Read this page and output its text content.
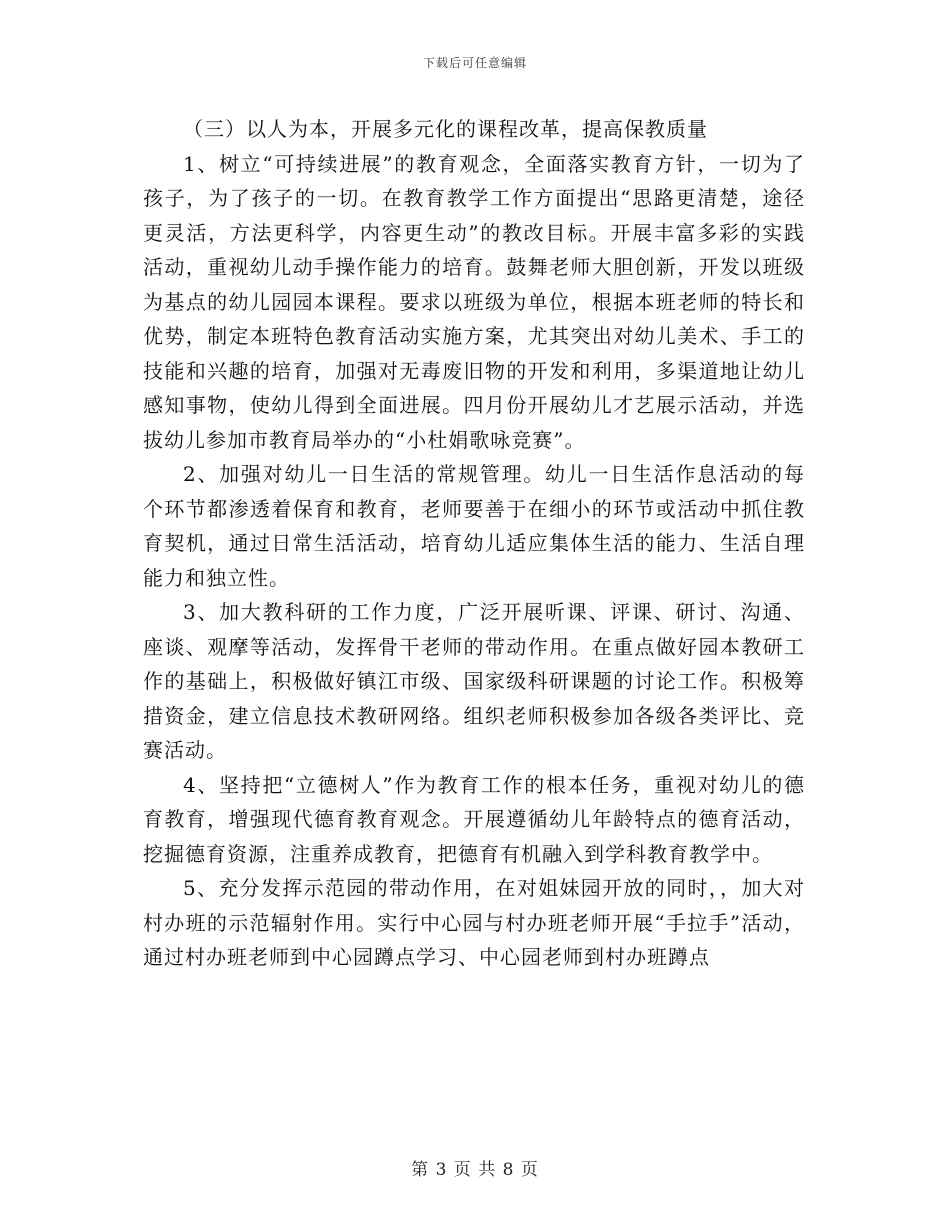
下载后可任意编辑

（三）以人为本，开展多元化的课程改革，提高保教质量

1、树立“可持续进展”的教育观念，全面落实教育方针，一切为了孩子，为了孩子的一切。在教育教学工作方面提出“思路更清楚，途径更灵活，方法更科学，内容更生动”的教改目标。开展丰富多彩的实践活动，重视幼儿动手操作能力的培育。鼓舞老师大胆创新，开发以班级为基点的幼儿园园本课程。要求以班级为单位，根据本班老师的特长和优势，制定本班特色教育活动实施方案，尤其突出对幼儿美术、手工的技能和兴趣的培育，加强对无毒废旧物的开发和利用，多渠道地让幼儿感知事物，使幼儿得到全面进展。四月份开展幼儿才艺展示活动，并选拔幼儿参加市教育局举办的“小杜娟歌咏竞赛”。

2、加强对幼儿一日生活的常规管理。幼儿一日生活作息活动的每个环节都渗透着保育和教育，老师要善于在细小的环节或活动中抓住教育契机，通过日常生活活动，培育幼儿适应集体生活的能力、生活自理能力和独立性。

3、加大教科研的工作力度，广泛开展听课、评课、研讨、沟通、座谈、观摩等活动，发挥骨干老师的带动作用。在重点做好园本教研工作的基础上，积极做好镇江市级、国家级科研课题的讨论工作。积极筹措资金，建立信息技术教研网络。组织老师积极参加各级各类评比、竞赛活动。

4、坚持把“立德树人”作为教育工作的根本任务，重视对幼儿的德育教育，增强现代德育教育观念。开展遵循幼儿年龄特点的德育活动，挖掘德育资源，注重养成教育，把德育有机融入到学科教育教学中。

5、充分发挥示范园的带动作用，在对姐妹园开放的同时，，加大对村办班的示范辐射作用。实行中心园与村办班老师开展“手拉手”活动，通过村办班老师到中心园蹲点学习、中心园老师到村办班蹲点

第 3 页 共 8 页
